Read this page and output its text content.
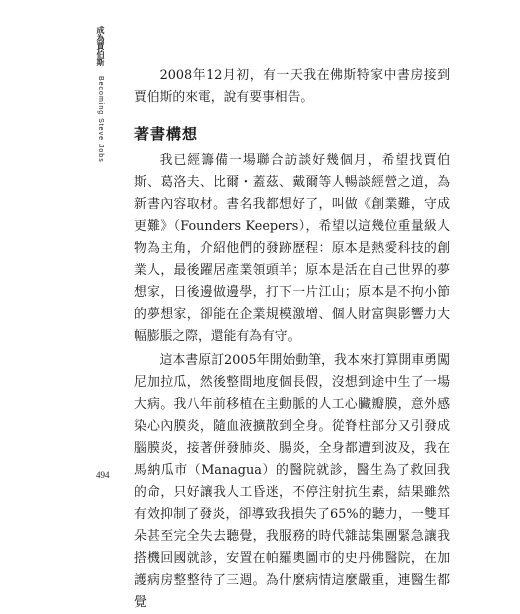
成為賈伯斯 Becoming Steve Jobs

2008年12月初，有一天我在佛斯特家中書房接到賈伯斯的來電，說有要事相告。

著書構想

我已經籌備一場聯合訪談好幾個月，希望找賈伯斯、葛洛夫、比爾・蓋茲、戴爾等人暢談經營之道，為新書內容取材。書名我都想好了，叫做《創業難，守成更難》（Founders Keepers），希望以這幾位重量級人物為主角，介紹他們的發跡歷程：原本是熱愛科技的創業人，最後躍居產業領頭羊；原本是活在自己世界的夢想家，日後邊做邊學，打下一片江山；原本是不拘小節的夢想家，卻能在企業規模激增、個人財富與影響力大幅膨脹之際，還能有為有守。

這本書原訂2005年開始動筆，我本來打算開車勇闖尼加拉瓜，然後整間地度個長假，沒想到途中生了一場大病。我八年前移植在主動脈的人工心臟瓣膜，意外感染心內膜炎，隨血液擴散到全身。從脊柱部分又引發成腦膜炎，接著併發肺炎、腸炎，全身都遭到波及，我在馬納瓜市（Managua）的醫院就診，醫生為了救回我的命，只好讓我人工昏迷，不停注射抗生素，結果雖然有效抑制了發炎，卻導致我損失了65%的聽力，一雙耳朵甚至完全失去聽覺，我服務的時代雜誌集團緊急讓我搭機回國就診，安置在帕羅奧圖市的史丹佛醫院，在加護病房整整待了三週。為什麼病情這麼嚴重，連醫生都覺

494
